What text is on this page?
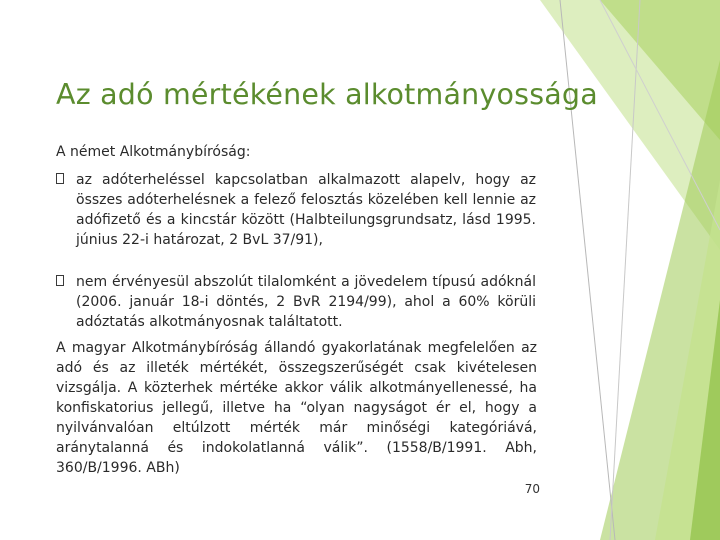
Az adó mértékének alkotmányossága
A német Alkotmánybíróság:
az adóterheléssel kapcsolatban alkalmazott alapelv, hogy az összes adóterhelésnek a felező felosztás közelében kell lennie az adófizető és a kincstár között (Halbteilungsgrundsatz, lásd 1995. június 22-i határozat, 2 BvL 37/91),
nem érvényesül abszolút tilalomként a jövedelem típusú adóknál (2006. január 18-i döntés, 2 BvR 2194/99), ahol a 60% körüli adóztatás alkotmányosnak találtatott.
A magyar Alkotmánybíróság állandó gyakorlatának megfelelően az adó és az illeték mértékét, összegszerűségét csak kivételesen vizsgálja. A közterhek mértéke akkor válik alkotmányellenessé, ha konfiskatorius jellegű, illetve ha “olyan nagyságot ér el, hogy a nyilvánvalóan eltúlzott mérték már minőségi kategóriává, aránytalanná és indokolatlanná válik”. (1558/B/1991. Abh, 360/B/1996. ABh)
70
